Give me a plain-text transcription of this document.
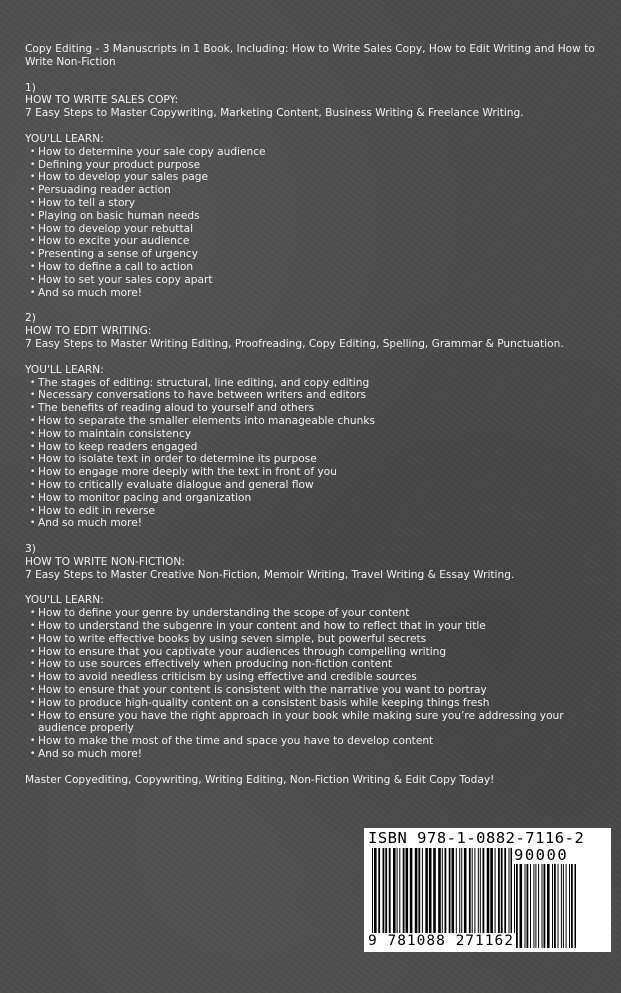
Copy Editing - 3 Manuscripts in 1 Book, Including: How to Write Sales Copy, How to Edit Writing and How to Write Non-Fiction
1)
HOW TO WRITE SALES COPY:
7 Easy Steps to Master Copywriting, Marketing Content, Business Writing & Freelance Writing.
YOU'LL LEARN:
• How to determine your sale copy audience
• Defining your product purpose
• How to develop your sales page
• Persuading reader action
• How to tell a story
• Playing on basic human needs
• How to develop your rebuttal
• How to excite your audience
• Presenting a sense of urgency
• How to define a call to action
• How to set your sales copy apart
• And so much more!
2)
HOW TO EDIT WRITING:
7 Easy Steps to Master Writing Editing, Proofreading, Copy Editing, Spelling, Grammar & Punctuation.
YOU'LL LEARN:
• The stages of editing: structural, line editing, and copy editing
• Necessary conversations to have between writers and editors
• The benefits of reading aloud to yourself and others
• How to separate the smaller elements into manageable chunks
• How to maintain consistency
• How to keep readers engaged
• How to isolate text in order to determine its purpose
• How to engage more deeply with the text in front of you
• How to critically evaluate dialogue and general flow
• How to monitor pacing and organization
• How to edit in reverse
• And so much more!
3)
HOW TO WRITE NON-FICTION:
7 Easy Steps to Master Creative Non-Fiction, Memoir Writing, Travel Writing & Essay Writing.
YOU'LL LEARN:
• How to define your genre by understanding the scope of your content
• How to understand the subgenre in your content and how to reflect that in your title
• How to write effective books by using seven simple, but powerful secrets
• How to ensure that you captivate your audiences through compelling writing
• How to use sources effectively when producing non-fiction content
• How to avoid needless criticism by using effective and credible sources
• How to ensure that your content is consistent with the narrative you want to portray
• How to produce high-quality content on a consistent basis while keeping things fresh
• How to ensure you have the right approach in your book while making sure you’re addressing your audience properly
• How to make the most of the time and space you have to develop content
• And so much more!
Master Copyediting, Copywriting, Writing Editing, Non-Fiction Writing & Edit Copy Today!
ISBN 978-1-0882-7116-2
90000
9 781088 271162
